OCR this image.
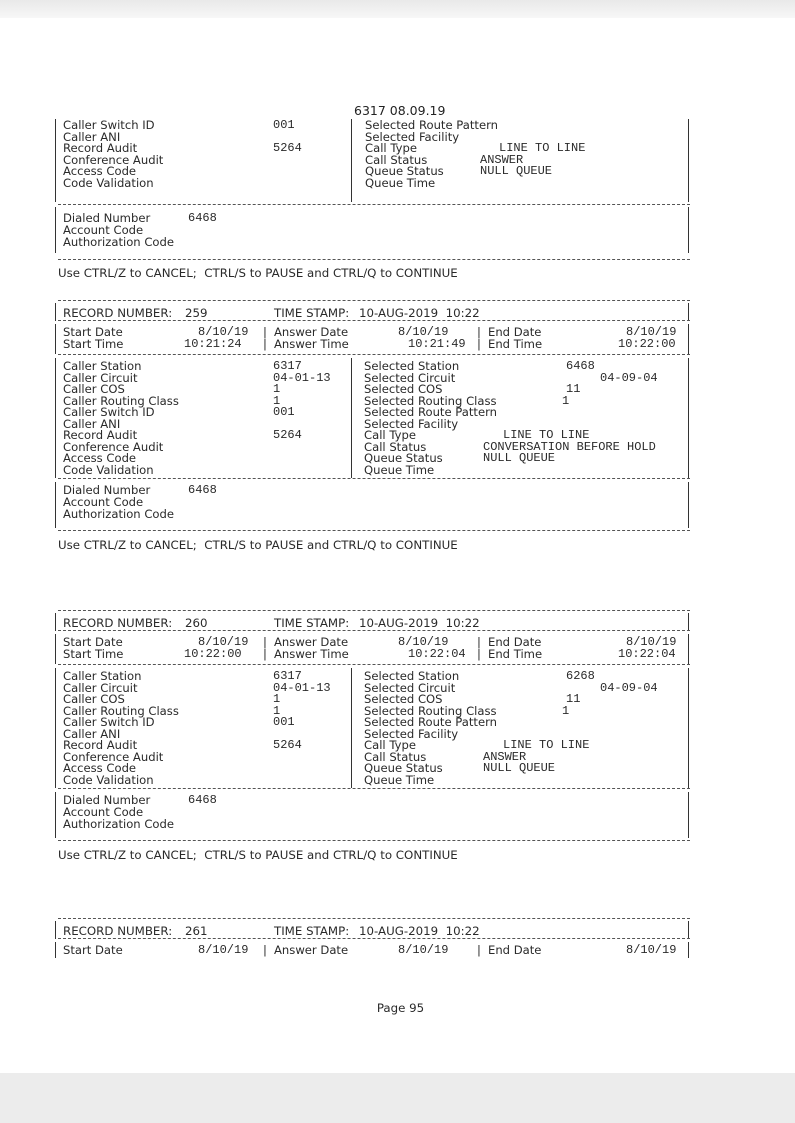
6317 08.09.19
Page 95
Caller Switch ID	001
Caller ANI
Record Audit	5264
Conference Audit
Access Code
Code Validation
Selected Route Pattern
Selected Facility
Call Type	LINE TO LINE
Call Status	ANSWER
Queue Status	NULL QUEUE
Queue Time
Dialed Number	6468
Account Code
Authorization Code
Use CTRL/Z to CANCEL;  CTRL/S to PAUSE and CTRL/Q to CONTINUE
RECORD NUMBER: 259	TIME STAMP: 10-AUG-2019  10:22
Start Date	8/10/19 | Answer Date	8/10/19 | End Date	8/10/19
Start Time	10:21:24 | Answer Time	10:21:49 | End Time	10:22:00
Caller Station	6317
Caller Circuit	04-01-13
Caller COS	1
Caller Routing Class	1
Caller Switch ID	001
Caller ANI
Record Audit	5264
Conference Audit
Access Code
Code Validation
Selected Station	6468
Selected Circuit	04-09-04
Selected COS	11
Selected Routing Class	1
Selected Route Pattern
Selected Facility
Call Type	LINE TO LINE
Call Status	CONVERSATION BEFORE HOLD
Queue Status	NULL QUEUE
Queue Time
Dialed Number	6468
Account Code
Authorization Code
Use CTRL/Z to CANCEL;  CTRL/S to PAUSE and CTRL/Q to CONTINUE
RECORD NUMBER: 260	TIME STAMP: 10-AUG-2019  10:22
Start Date	8/10/19 | Answer Date	8/10/19 | End Date	8/10/19
Start Time	10:22:00 | Answer Time	10:22:04 | End Time	10:22:04
Caller Station	6317
Caller Circuit	04-01-13
Caller COS	1
Caller Routing Class	1
Caller Switch ID	001
Caller ANI
Record Audit	5264
Conference Audit
Access Code
Code Validation
Selected Station	6268
Selected Circuit	04-09-04
Selected COS	11
Selected Routing Class	1
Selected Route Pattern
Selected Facility
Call Type	LINE TO LINE
Call Status	ANSWER
Queue Status	NULL QUEUE
Queue Time
Dialed Number	6468
Account Code
Authorization Code
Use CTRL/Z to CANCEL;  CTRL/S to PAUSE and CTRL/Q to CONTINUE
RECORD NUMBER: 261	TIME STAMP: 10-AUG-2019  10:22
Start Date	8/10/19 | Answer Date	8/10/19 | End Date	8/10/19
